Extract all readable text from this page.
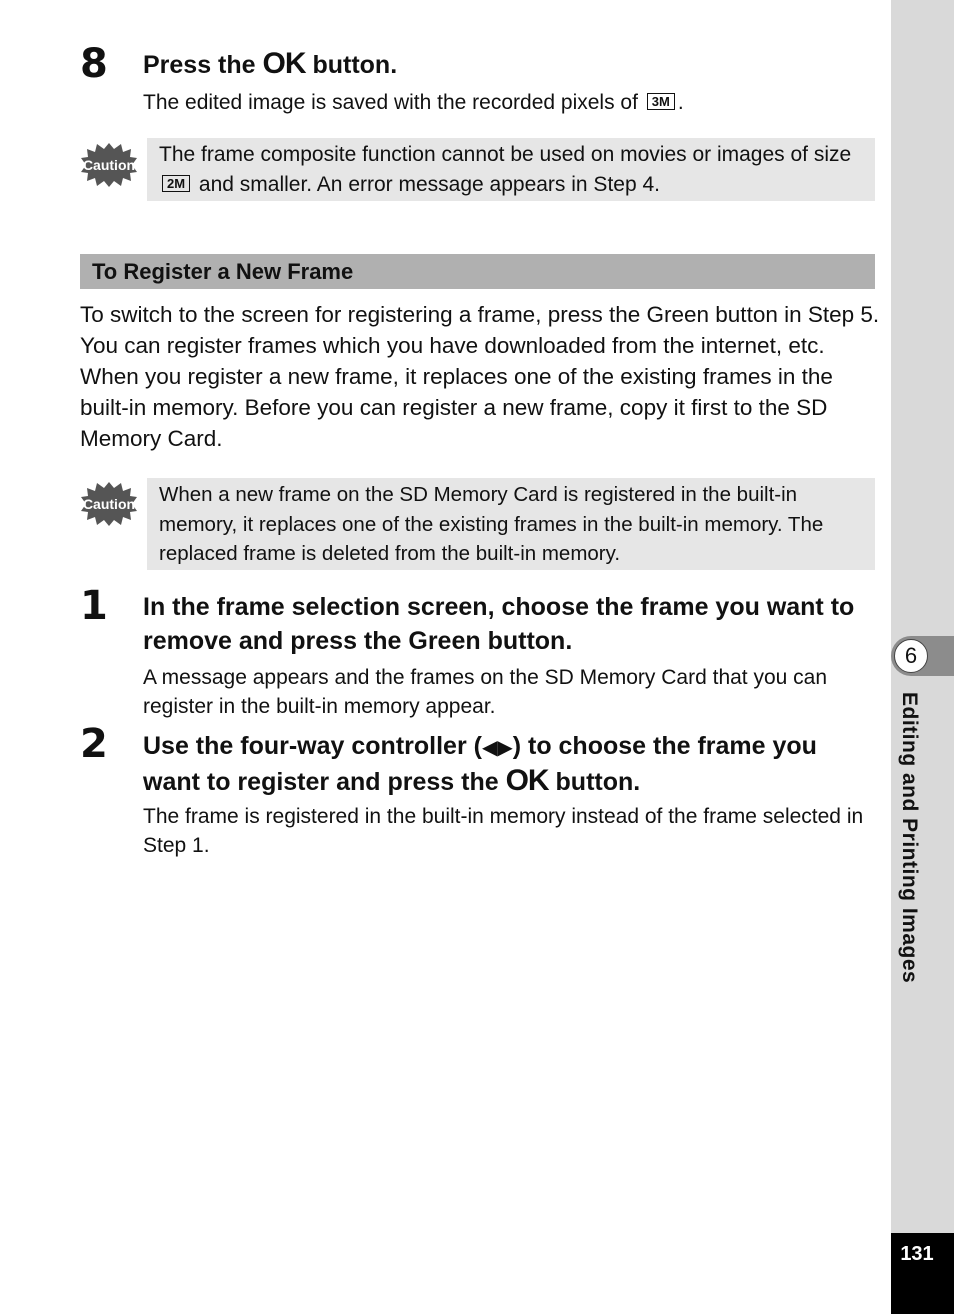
6
Editing and Printing Images
131
8 Press the OK button.
The edited image is saved with the recorded pixels of 3M .
Caution	The frame composite function cannot be used on movies or images of size 2M and smaller. An error message appears in Step 4.
To Register a New Frame
To switch to the screen for registering a frame, press the Green button in Step 5. You can register frames which you have downloaded from the internet, etc. When you register a new frame, it replaces one of the existing frames in the built-in memory. Before you can register a new frame, copy it first to the SD Memory Card.
Caution	When a new frame on the SD Memory Card is registered in the built-in memory, it replaces one of the existing frames in the built-in memory. The replaced frame is deleted from the built-in memory.
1 In the frame selection screen, choose the frame you want to remove and press the Green button.
A message appears and the frames on the SD Memory Card that you can register in the built-in memory appear.
2 Use the four-way controller (◀▶) to choose the frame you want to register and press the OK button.
The frame is registered in the built-in memory instead of the frame selected in Step 1.
